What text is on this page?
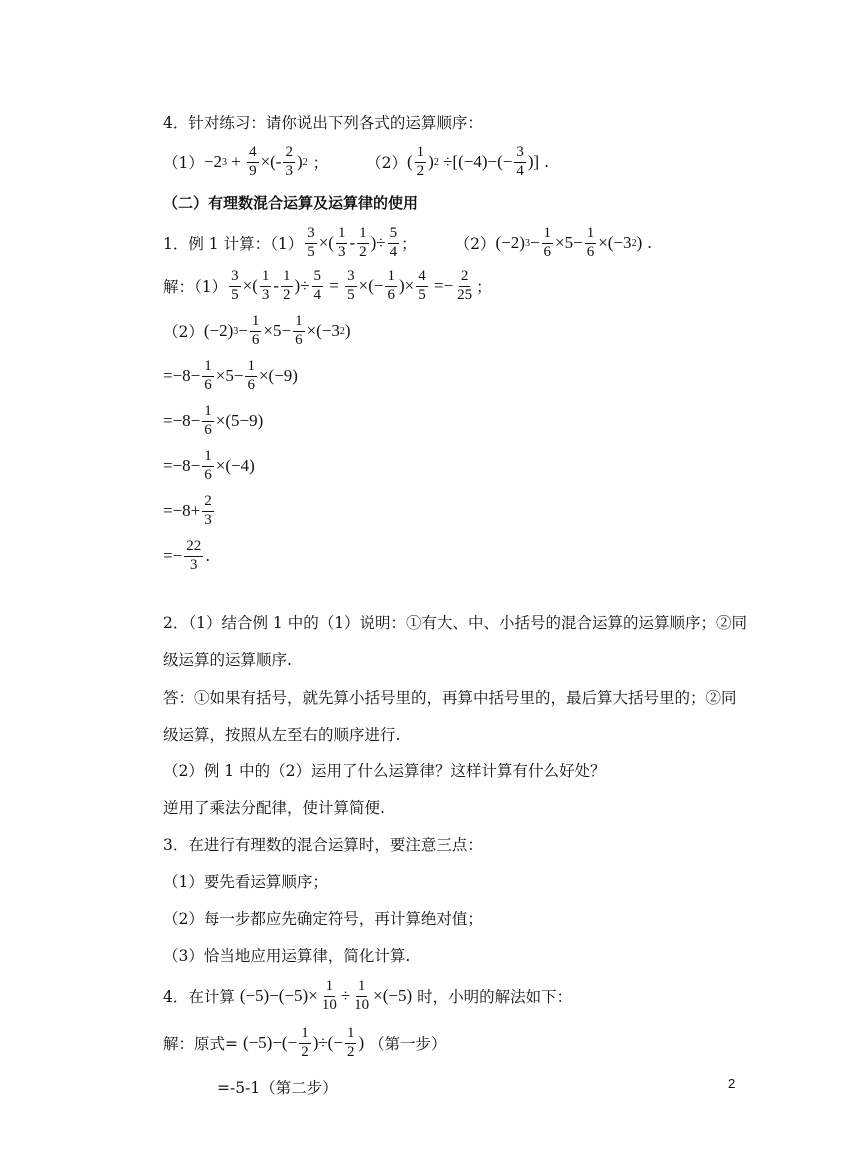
4．针对练习：请你说出下列各式的运算顺序：
（1） −2 3 +
4
9 ×(-
2
3 ) 2
； （2） (
1
2 ) 2 ÷[(−4)−(−
3
4 )]
.
（二）有理数混合运算及运算律的使用
1．例 1 计算：（1）
3
5 ×(
1
3 -
1
2 )÷
5
4 ； （2） (−2) 3 −
1
6 ×5−
1
6 ×(−3 2 )
.
解：（1）
3
5 ×(
1
3 -
1
2 )÷
5
4 =
3
5 ×(−
1
6 )×
4
5 =−
2
25 ；
（2） (−2) 3 −
1
6 ×5−
1
6 ×(−3 2 )
=−8−
1
6 ×5−
1
6 ×(−9)
=−8−
1
6 ×(5−9)
=−8−
1
6 ×(−4)
=−8+
2
3
=−
22
3 .
2．（1）结合例 1 中的（1）说明：①有大、中、小括号的混合运算的运算顺序；②同
级运算的运算顺序.
答：①如果有括号，就先算小括号里的，再算中括号里的，最后算大括号里的；②同
级运算，按照从左至右的顺序进行.
（2）例 1 中的（2）运用了什么运算律？这样计算有什么好处？
逆用了乘法分配律，使计算简便.
3．在进行有理数的混合运算时，要注意三点：
（1）要先看运算顺序；
（2）每一步都应先确定符号，再计算绝对值；
（3）恰当地应用运算律，简化计算.
4．在计算
(−5)−(−5)×
1
10 ÷
1
10 ×(−5)
时，小明的解法如下：
解：原式=
(−5)−(−
1
2 )÷(−
1
2 )
（第一步）
=-5-1（第二步）	2
